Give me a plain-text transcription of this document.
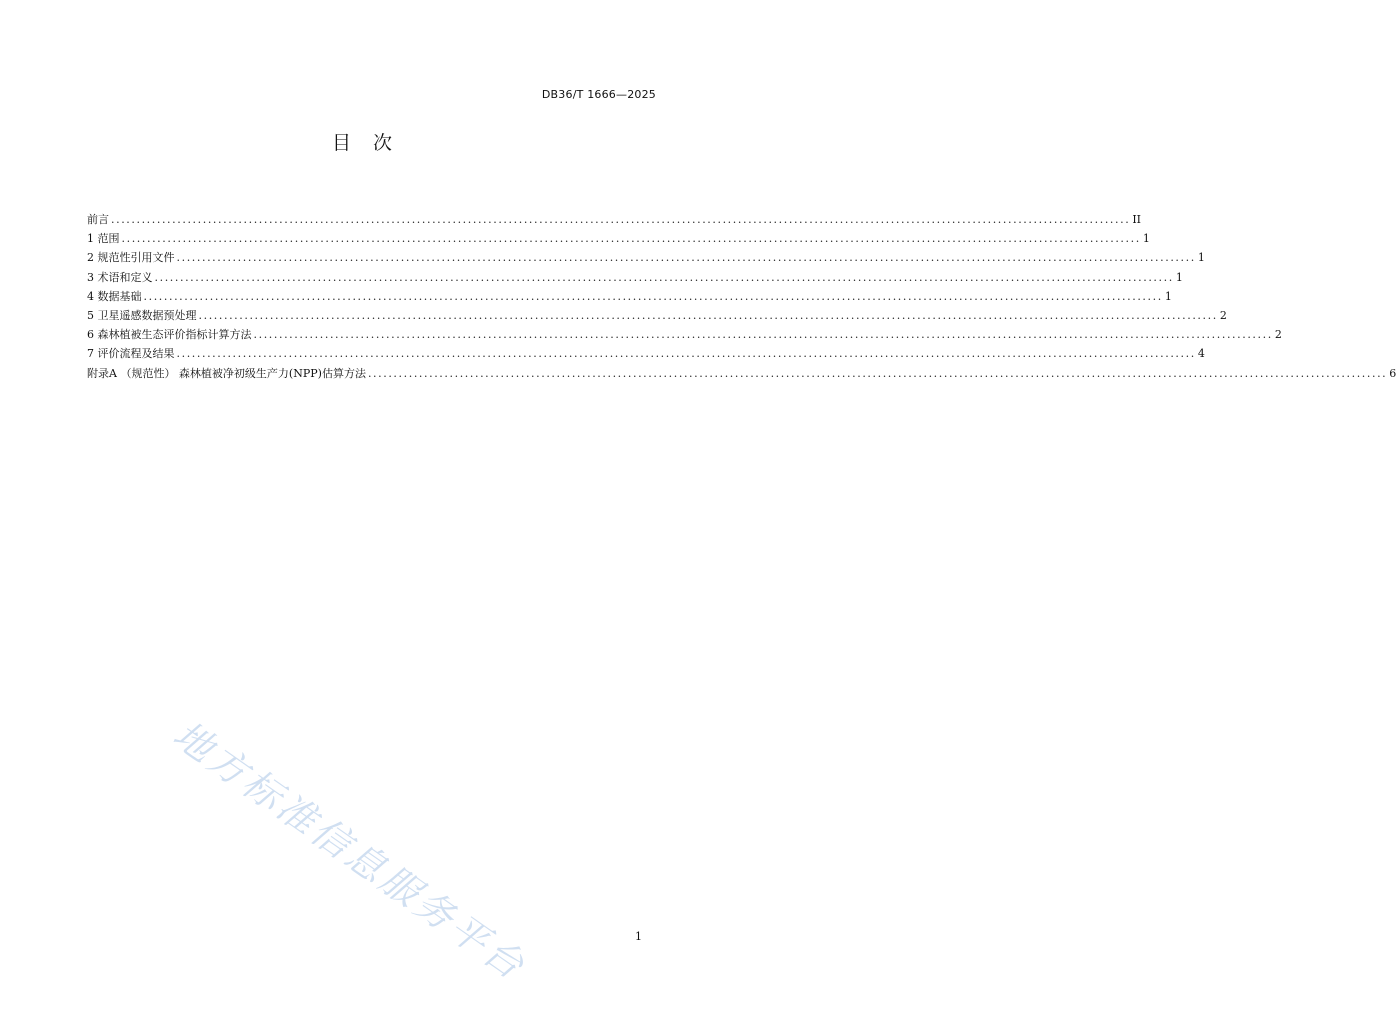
DB36/T 1666—2025
目次
前言 ........................................................................................................................................................................................................ II
1 范围 ........................................................................................................................................................................................................ 1
2 规范性引用文件 ........................................................................................................................................................................................................ 1
3 术语和定义 ........................................................................................................................................................................................................ 1
4 数据基础 ........................................................................................................................................................................................................ 1
5 卫星遥感数据预处理 ........................................................................................................................................................................................................ 2
6 森林植被生态评价指标计算方法 ........................................................................................................................................................................................................ 2
7 评价流程及结果 ........................................................................................................................................................................................................ 4
附录A （规范性） 森林植被净初级生产力(NPP)估算方法 ........................................................................................................................................................................................................ 6
地方标准信息服务平台	1
